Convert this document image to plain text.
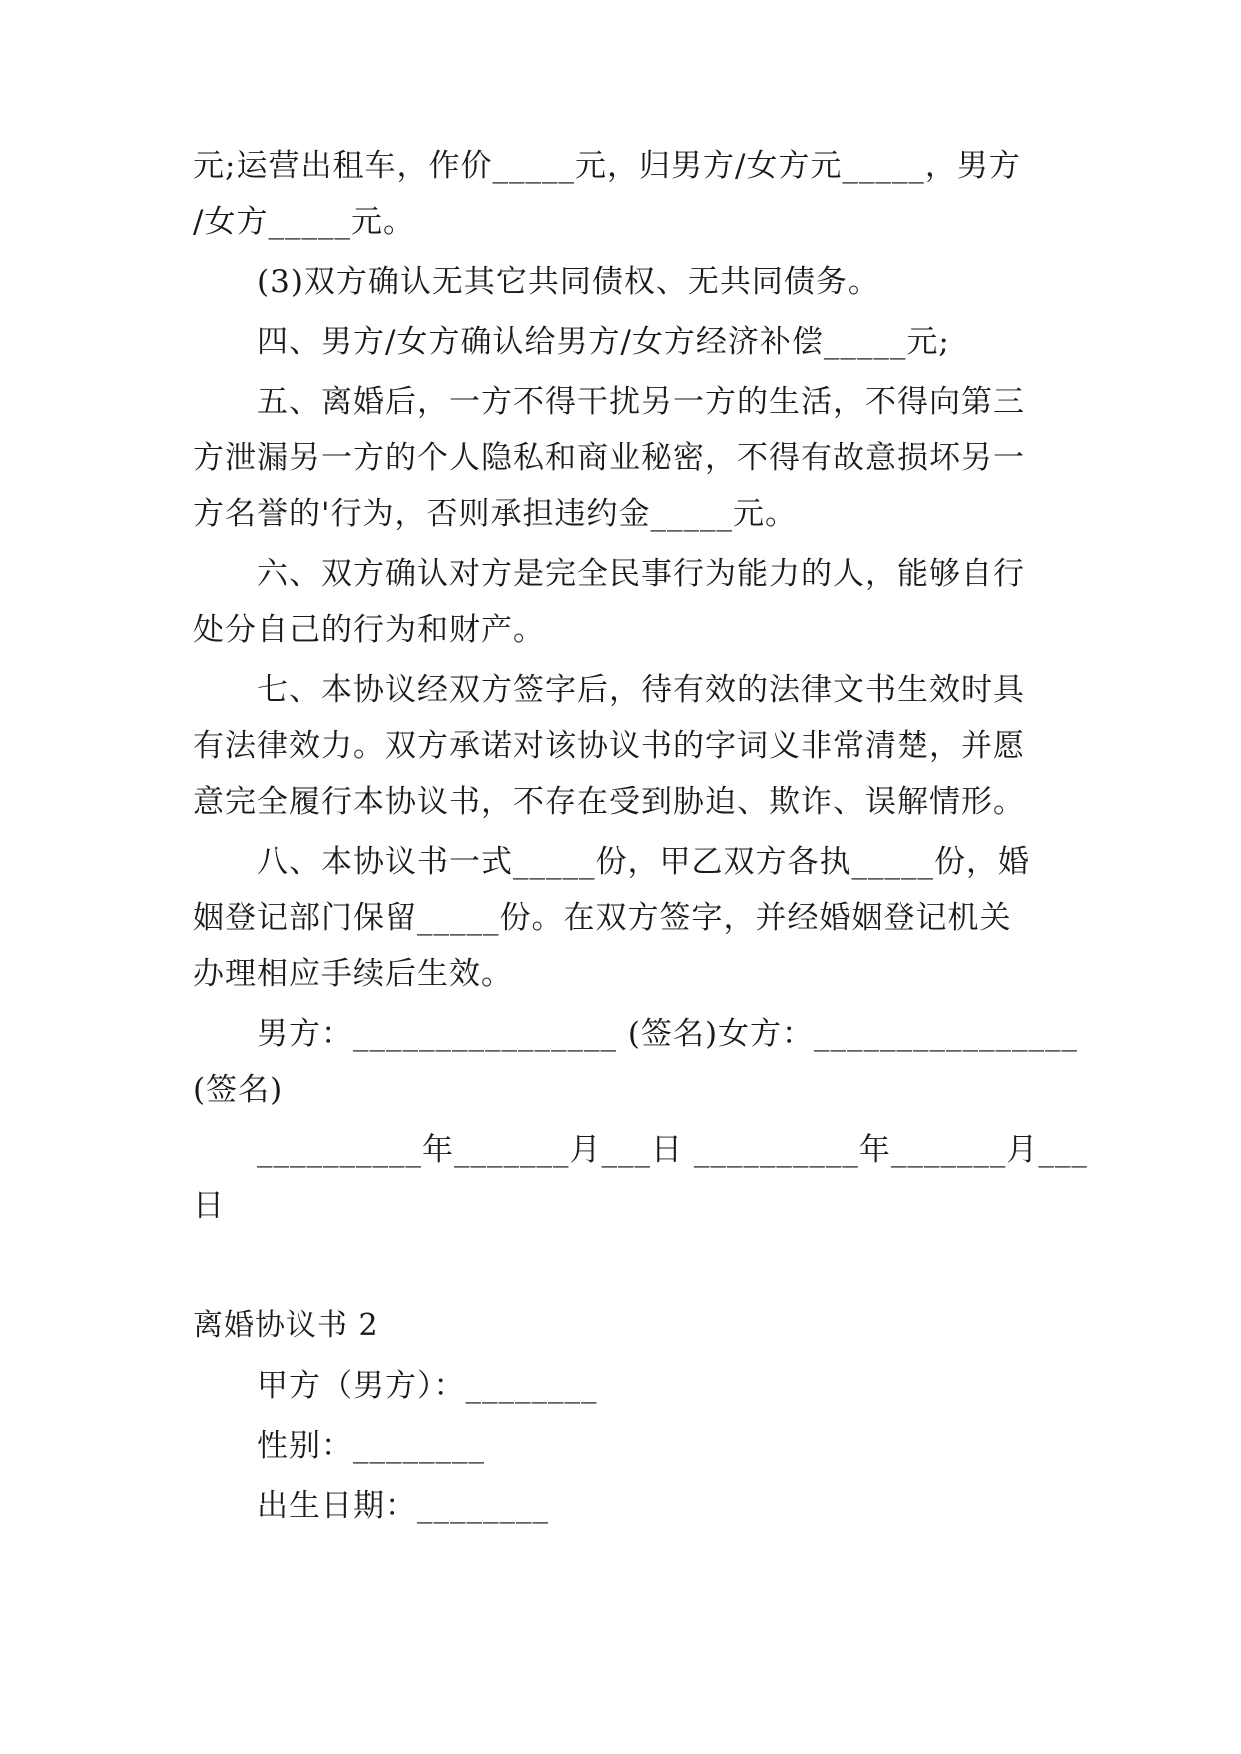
元;运营出租车，作价_____元，归男方/女方元_____，男方
/女方_____元。
(3)双方确认无其它共同债权、无共同债务。
四、男方/女方确认给男方/女方经济补偿_____元;
五、离婚后，一方不得干扰另一方的生活，不得向第三
方泄漏另一方的个人隐私和商业秘密，不得有故意损坏另一
方名誉的'行为，否则承担违约金_____元。
六、双方确认对方是完全民事行为能力的人，能够自行
处分自己的行为和财产。
七、本协议经双方签字后，待有效的法律文书生效时具
有法律效力。双方承诺对该协议书的字词义非常清楚，并愿
意完全履行本协议书，不存在受到胁迫、欺诈、误解情形。
八、本协议书一式_____份，甲乙双方各执_____份，婚
姻登记部门保留_____份。在双方签字，并经婚姻登记机关
办理相应手续后生效。
男方：________________ (签名)女方：________________
(签名)
__________年_______月___日 __________年_______月___
日
离婚协议书 2
甲方（男方）：________
性别：________
出生日期：________
